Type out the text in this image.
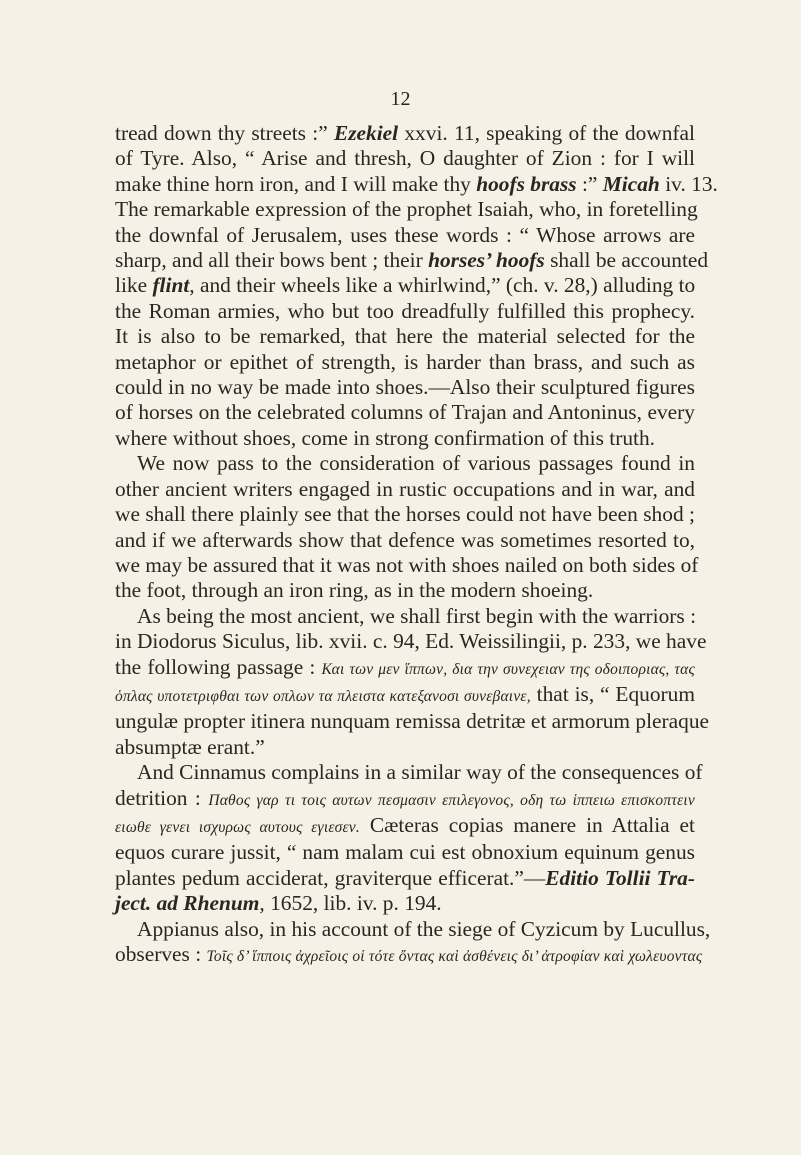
12
tread down thy streets :” Ezekiel xxvi. 11, speaking of the downfal
of Tyre. Also, “ Arise and thresh, O daughter of Zion : for I will
make thine horn iron, and I will make thy hoofs brass :” Micah iv. 13.
The remarkable expression of the prophet Isaiah, who, in foretelling
the downfal of Jerusalem, uses these words : “ Whose arrows are
sharp, and all their bows bent ; their horses’ hoofs shall be accounted
like flint, and their wheels like a whirlwind,” (ch. v. 28,) alluding to
the Roman armies, who but too dreadfully fulfilled this prophecy.
It is also to be remarked, that here the material selected for the
metaphor or epithet of strength, is harder than brass, and such as
could in no way be made into shoes.—Also their sculptured figures
of horses on the celebrated columns of Trajan and Antoninus, every
where without shoes, come in strong confirmation of this truth.
We now pass to the consideration of various passages found in
other ancient writers engaged in rustic occupations and in war, and
we shall there plainly see that the horses could not have been shod ;
and if we afterwards show that defence was sometimes resorted to,
we may be assured that it was not with shoes nailed on both sides of
the foot, through an iron ring, as in the modern shoeing.
As being the most ancient, we shall first begin with the warriors :
in Diodorus Siculus, lib. xvii. c. 94, Ed. Weissilingii, p. 233, we have
the following passage : Και των μεν ἵππων, δια την συνεχειαν της οδοιποριας, τας
ὁπλας υποτετριφθαι των οπλων τα πλειστα κατεξανοσι συνεβαινε, that is, “ Equorum
ungulæ propter itinera nunquam remissa detritæ et armorum pleraque
absumptæ erant.”
And Cinnamus complains in a similar way of the consequences of
detrition : Παθος γαρ τι τοις αυτων πεσμασιν επιλεγονος, οδη τω ἱππειω επισκοπτειν
ειωθε γενει ισχυρως αυτους εγιεσεν. Cæteras copias manere in Attalia et
equos curare jussit, “ nam malam cui est obnoxium equinum genus
plantes pedum acciderat, graviterque efficerat.”—Editio Tollii Tra-
ject. ad Rhenum, 1652, lib. iv. p. 194.
Appianus also, in his account of the siege of Cyzicum by Lucullus,
observes : Τοῖς δ’ ἵπποις ἀχρεῖοις οἱ τότε ὄντας καὶ ἀσθένεις δι’ ἀτροφίαν καὶ χωλευοντας
